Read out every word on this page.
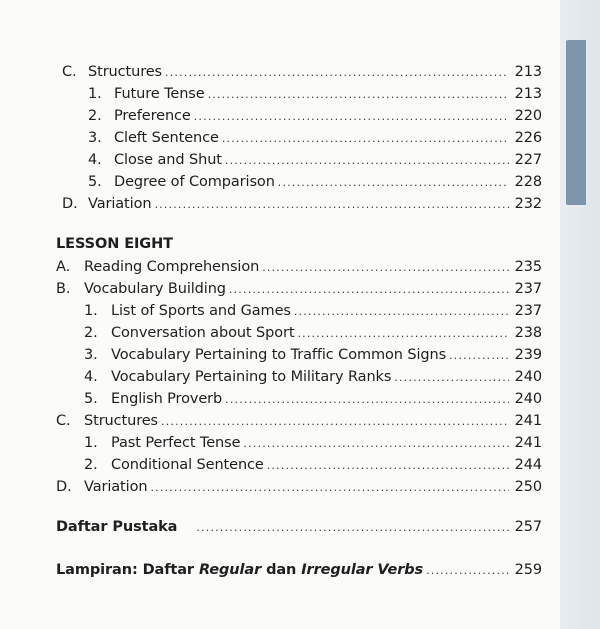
C. Structures .....	213
1. Future Tense .....	213
2. Preference .....	220
3. Cleft Sentence .....	226
4. Close and Shut .....	227
5. Degree of Comparison .....	228
D. Variation .....	232
LESSON EIGHT
A. Reading Comprehension .....	235
B. Vocabulary Building .....	237
1. List of Sports and Games .....	237
2. Conversation about Sport .....	238
3. Vocabulary Pertaining to Traffic Common Signs .....	239
4. Vocabulary Pertaining to Military Ranks .....	240
5. English Proverb .....	240
C. Structures .....	241
1. Past Perfect Tense .....	241
2. Conditional Sentence .....	244
D. Variation .....	250
Daftar Pustaka .....	257
Lampiran: Daftar Regular dan Irregular Verbs .....	259
